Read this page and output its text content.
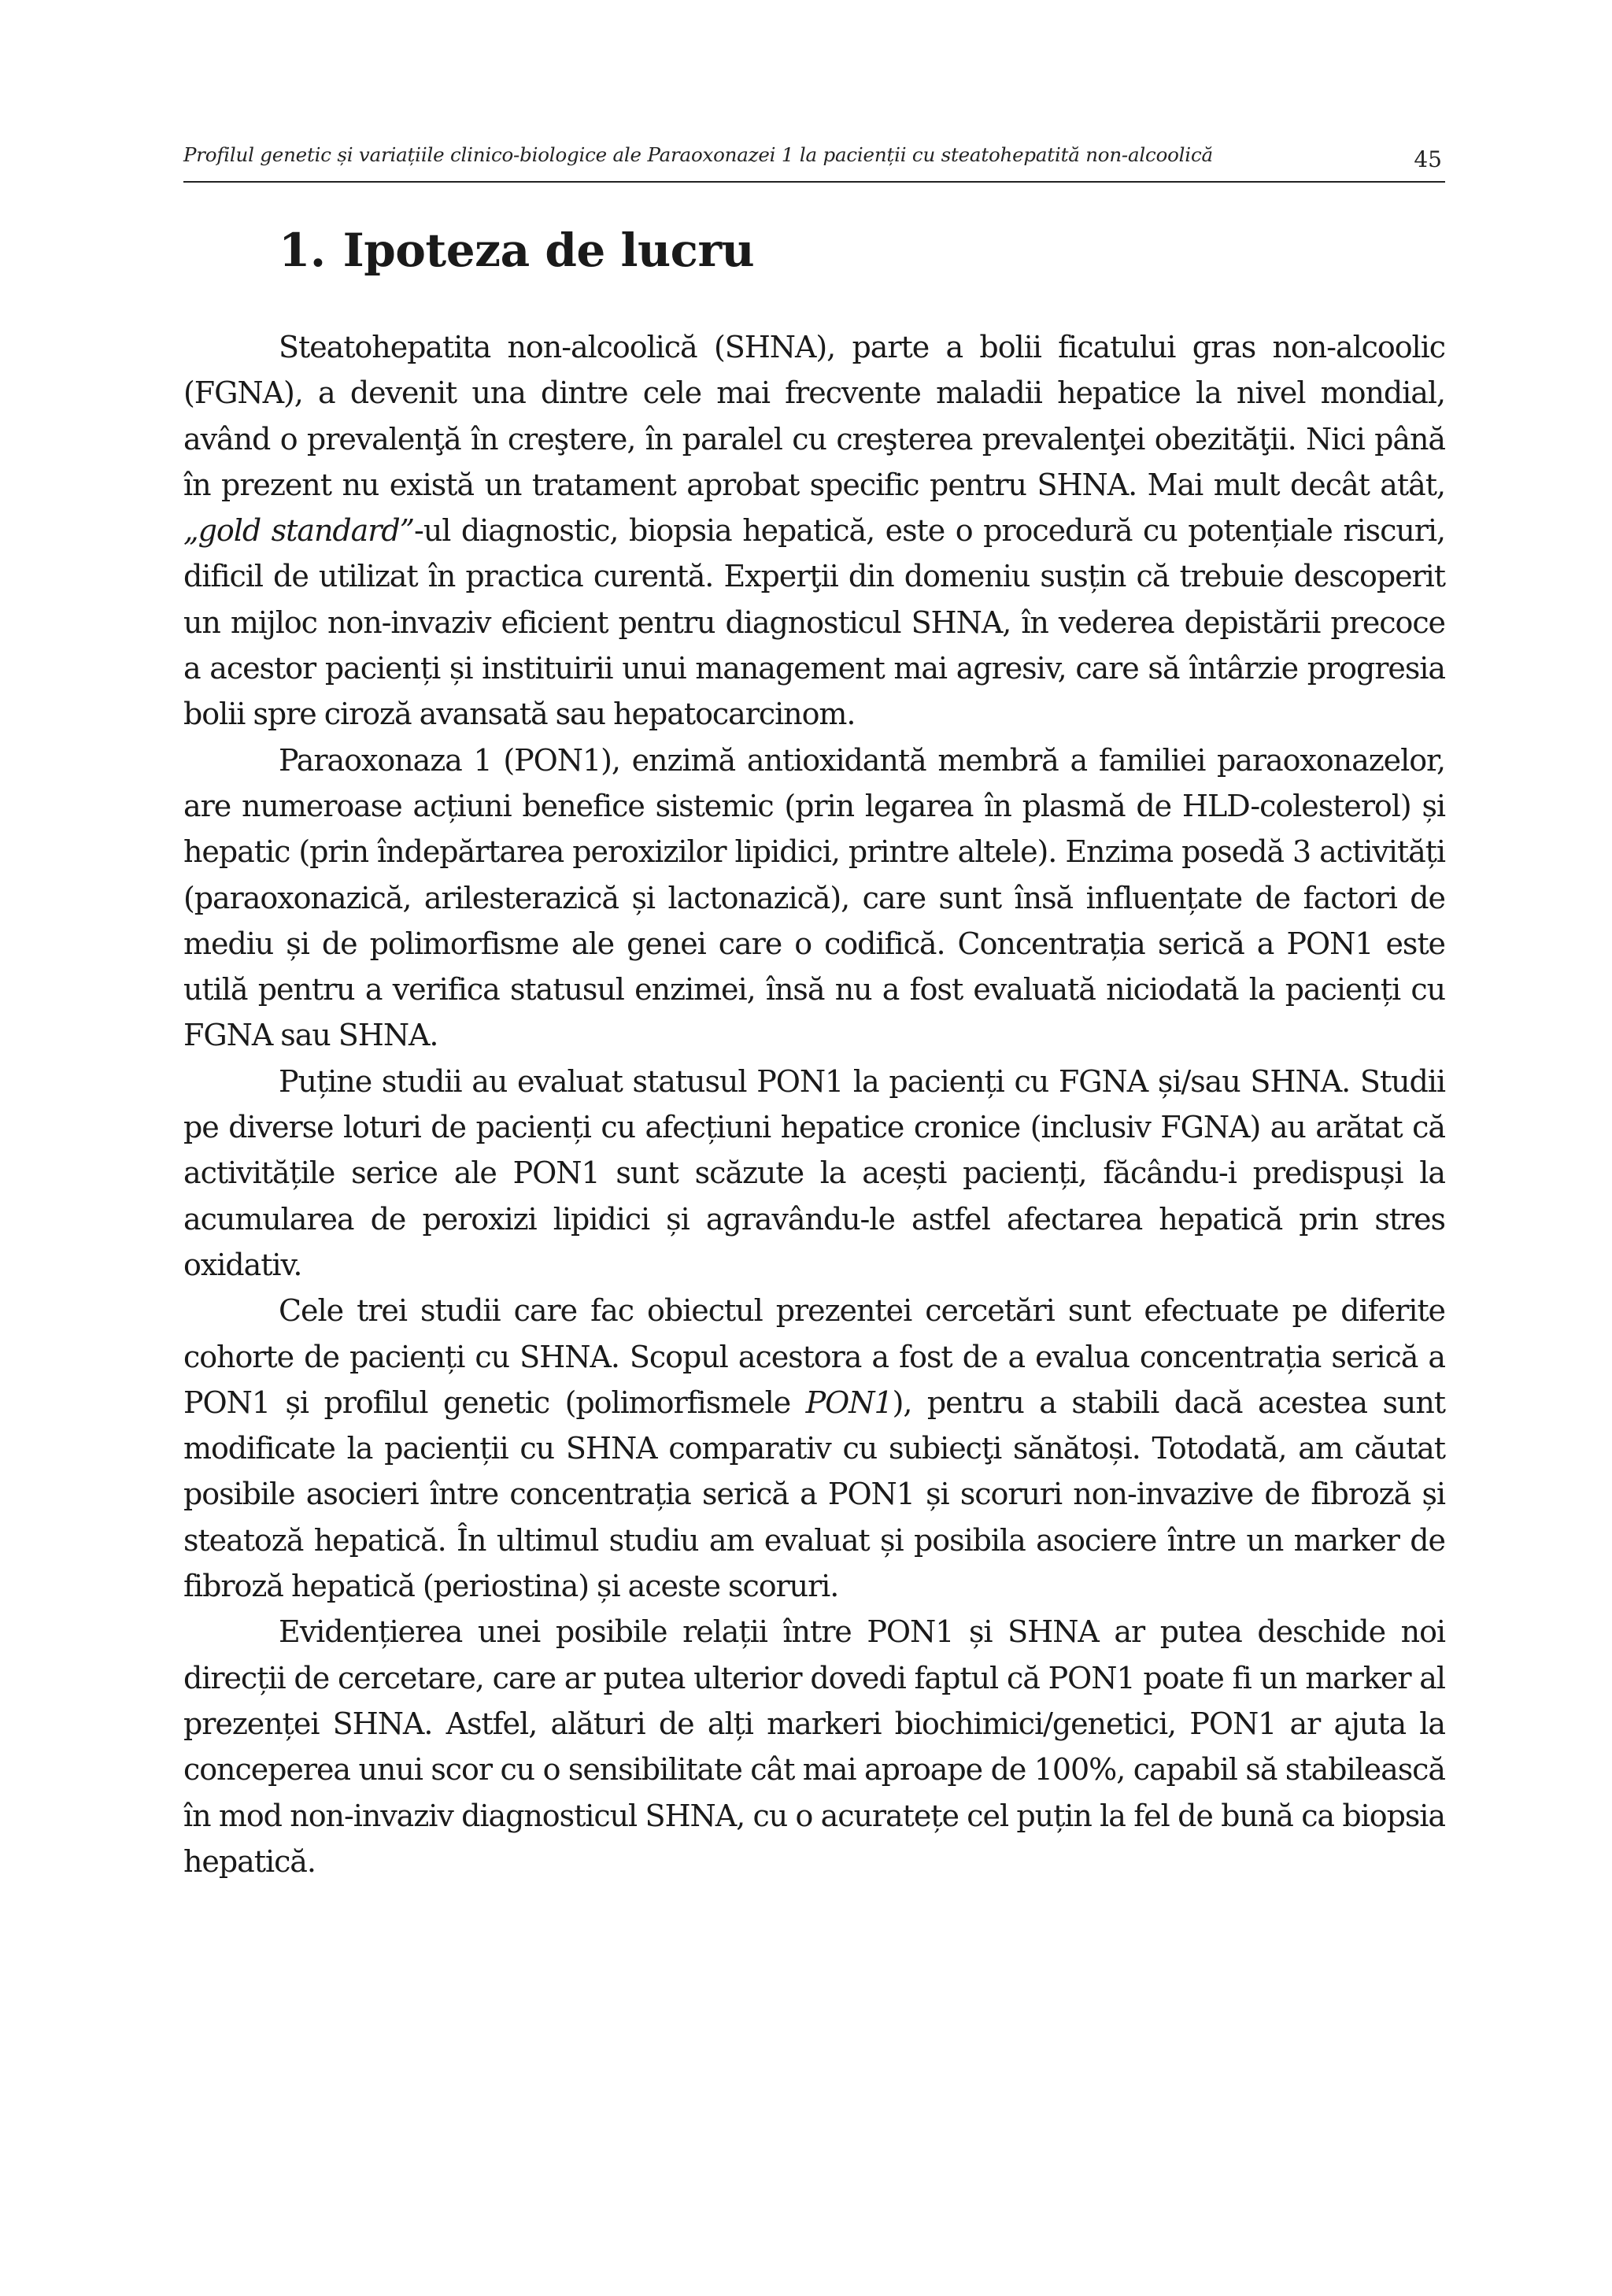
Profilul genetic și variațiile clinico-biologice ale Paraoxonazei 1 la pacienții cu steatohepatită non-alcoolică	45
1. Ipoteza de lucru

Steatohepatita non-alcoolică (SHNA), parte a bolii ficatului gras non-alcoolic (FGNA), a devenit una dintre cele mai frecvente maladii hepatice la nivel mondial, având o prevalenţă în creştere, în paralel cu creşterea prevalenţei obezităţii. Nici până în prezent nu există un tratament aprobat specific pentru SHNA. Mai mult decât atât, „gold standard”-ul diagnostic, biopsia hepatică, este o procedură cu potențiale riscuri, dificil de utilizat în practica curentă. Experţii din domeniu susțin că trebuie descoperit un mijloc non-invaziv eficient pentru diagnosticul SHNA, în vederea depistării precoce a acestor pacienți și instituirii unui management mai agresiv, care să întârzie progresia bolii spre ciroză avansată sau hepatocarcinom.

Paraoxonaza 1 (PON1), enzimă antioxidantă membră a familiei paraoxonazelor, are numeroase acțiuni benefice sistemic (prin legarea în plasmă de HLD-colesterol) și hepatic (prin îndepărtarea peroxizilor lipidici, printre altele). Enzima posedă 3 activități (paraoxonazică, arilesterazică și lactonazică), care sunt însă influențate de factori de mediu și de polimorfisme ale genei care o codifică. Concentrația serică a PON1 este utilă pentru a verifica statusul enzimei, însă nu a fost evaluată niciodată la pacienți cu FGNA sau SHNA.

Puține studii au evaluat statusul PON1 la pacienți cu FGNA și/sau SHNA. Studii pe diverse loturi de pacienți cu afecțiuni hepatice cronice (inclusiv FGNA) au arătat că activitățile serice ale PON1 sunt scăzute la acești pacienți, făcându-i predispuși la acumularea de peroxizi lipidici și agravându-le astfel afectarea hepatică prin stres oxidativ.

Cele trei studii care fac obiectul prezentei cercetări sunt efectuate pe diferite cohorte de pacienți cu SHNA. Scopul acestora a fost de a evalua concentrația serică a PON1 și profilul genetic (polimorfismele PON1), pentru a stabili dacă acestea sunt modificate la pacienții cu SHNA comparativ cu subiecţi sănătoși. Totodată, am căutat posibile asocieri între concentrația serică a PON1 și scoruri non-invazive de fibroză și steatoză hepatică. În ultimul studiu am evaluat și posibila asociere între un marker de fibroză hepatică (periostina) și aceste scoruri.

Evidențierea unei posibile relații între PON1 și SHNA ar putea deschide noi direcții de cercetare, care ar putea ulterior dovedi faptul că PON1 poate fi un marker al prezenței SHNA. Astfel, alături de alți markeri biochimici/genetici, PON1 ar ajuta la conceperea unui scor cu o sensibilitate cât mai aproape de 100%, capabil să stabilească în mod non-invaziv diagnosticul SHNA, cu o acuratețe cel puțin la fel de bună ca biopsia hepatică.
